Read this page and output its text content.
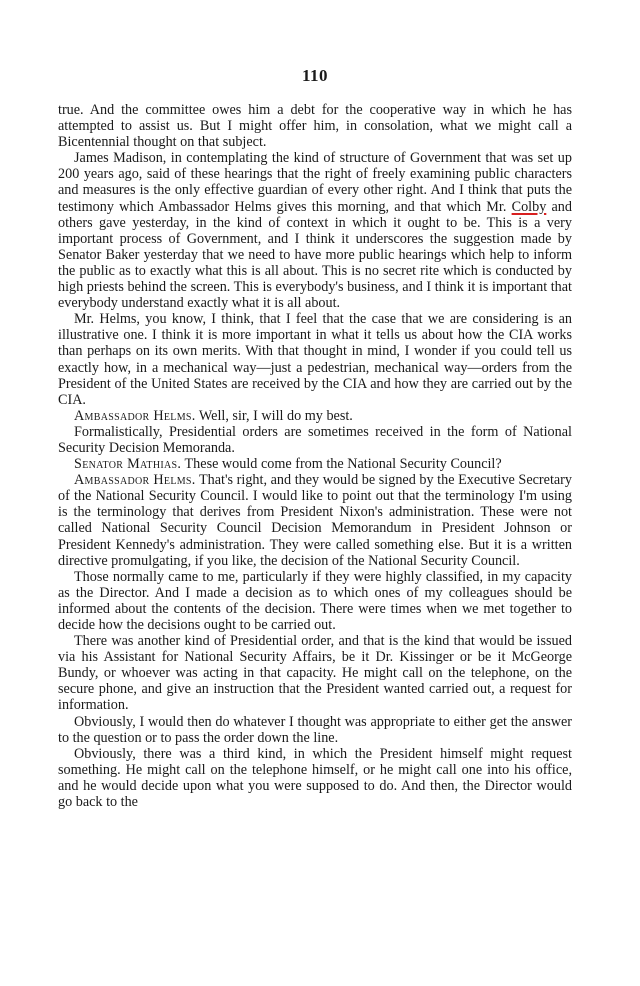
110

true. And the committee owes him a debt for the cooperative way in which he has attempted to assist us. But I might offer him, in consolation, what we might call a Bicentennial thought on that subject.

James Madison, in contemplating the kind of structure of Government that was set up 200 years ago, said of these hearings that the right of freely examining public characters and measures is the only effective guardian of every other right. And I think that puts the testimony which Ambassador Helms gives this morning, and that which Mr. Colby and others gave yesterday, in the kind of context in which it ought to be. This is a very important process of Government, and I think it underscores the suggestion made by Senator Baker yesterday that we need to have more public hearings which help to inform the public as to exactly what this is all about. This is no secret rite which is conducted by high priests behind the screen. This is everybody's business, and I think it is important that everybody understand exactly what it is all about.

Mr. Helms, you know, I think, that I feel that the case that we are considering is an illustrative one. I think it is more important in what it tells us about how the CIA works than perhaps on its own merits. With that thought in mind, I wonder if you could tell us exactly how, in a mechanical way—just a pedestrian, mechanical way—orders from the President of the United States are received by the CIA and how they are carried out by the CIA.

Ambassador Helms. Well, sir, I will do my best.

Formalistically, Presidential orders are sometimes received in the form of National Security Decision Memoranda.

Senator Mathias. These would come from the National Security Council?

Ambassador Helms. That's right, and they would be signed by the Executive Secretary of the National Security Council. I would like to point out that the terminology I'm using is the terminology that derives from President Nixon's administration. These were not called National Security Council Decision Memorandum in President Johnson or President Kennedy's administration. They were called something else. But it is a written directive promulgating, if you like, the decision of the National Security Council.

Those normally came to me, particularly if they were highly classified, in my capacity as the Director. And I made a decision as to which ones of my colleagues should be informed about the contents of the decision. There were times when we met together to decide how the decisions ought to be carried out.

There was another kind of Presidential order, and that is the kind that would be issued via his Assistant for National Security Affairs, be it Dr. Kissinger or be it McGeorge Bundy, or whoever was acting in that capacity. He might call on the telephone, on the secure phone, and give an instruction that the President wanted carried out, a request for information.

Obviously, I would then do whatever I thought was appropriate to either get the answer to the question or to pass the order down the line.

Obviously, there was a third kind, in which the President himself might request something. He might call on the telephone himself, or he might call one into his office, and he would decide upon what you were supposed to do. And then, the Director would go back to the
